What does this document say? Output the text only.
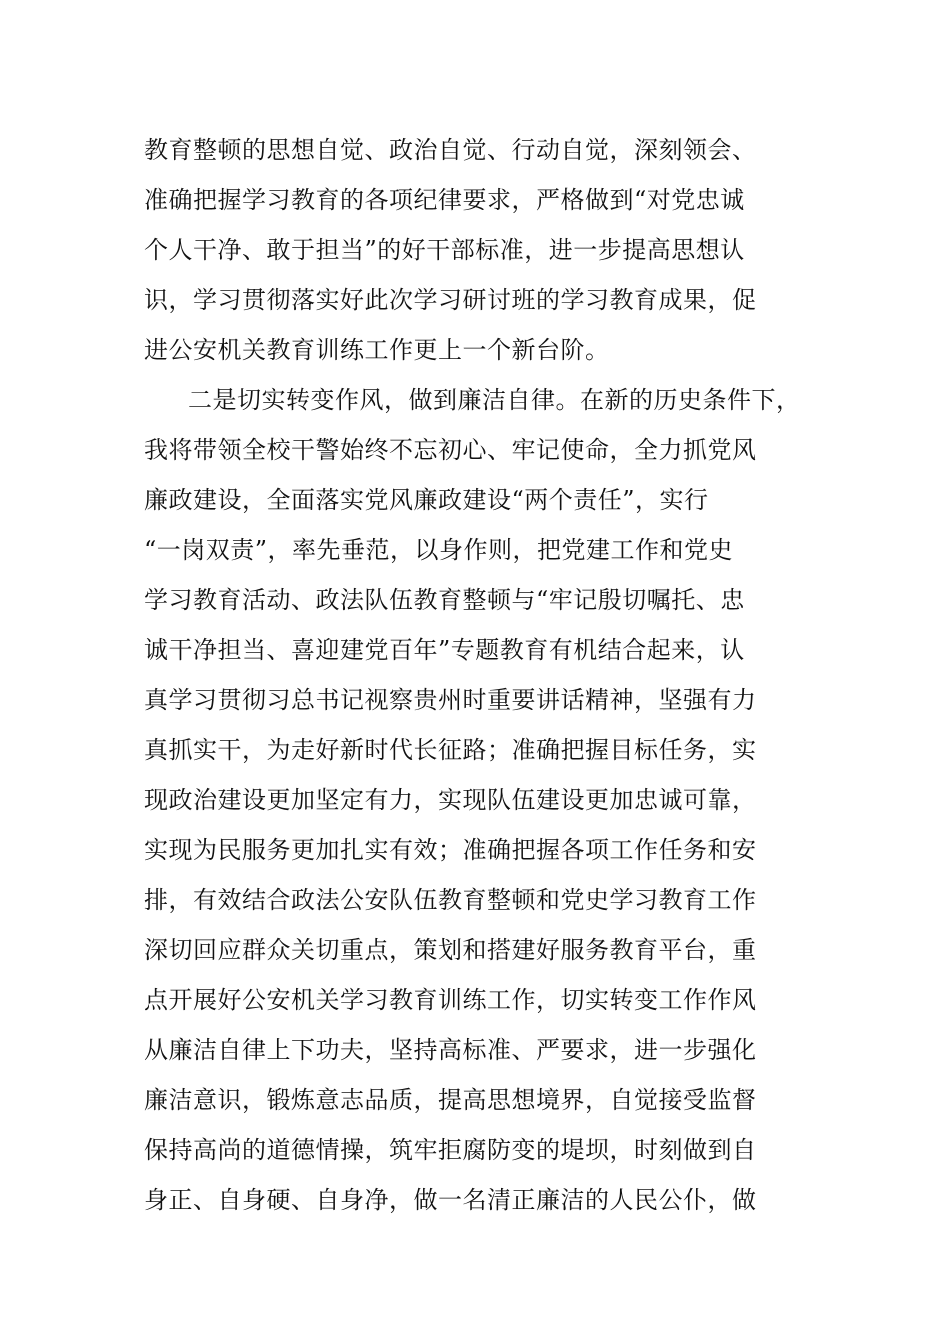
教育整顿的思想自觉、政治自觉、行动自觉，深刻领会、
准确把握学习教育的各项纪律要求，严格做到“对党忠诚
个人干净、敢于担当”的好干部标准，进一步提高思想认
识，学习贯彻落实好此次学习研讨班的学习教育成果，促
进公安机关教育训练工作更上一个新台阶。
二是切实转变作风，做到廉洁自律。在新的历史条件下，
我将带领全校干警始终不忘初心、牢记使命，全力抓党风
廉政建设，全面落实党风廉政建设“两个责任”，实行
“一岗双责”，率先垂范，以身作则，把党建工作和党史
学习教育活动、政法队伍教育整顿与“牢记殷切嘱托、忠
诚干净担当、喜迎建党百年”专题教育有机结合起来，认
真学习贯彻习总书记视察贵州时重要讲话精神，坚强有力
真抓实干，为走好新时代长征路；准确把握目标任务，实
现政治建设更加坚定有力，实现队伍建设更加忠诚可靠，
实现为民服务更加扎实有效；准确把握各项工作任务和安
排，有效结合政法公安队伍教育整顿和党史学习教育工作
深切回应群众关切重点，策划和搭建好服务教育平台，重
点开展好公安机关学习教育训练工作，切实转变工作作风
从廉洁自律上下功夫，坚持高标准、严要求，进一步强化
廉洁意识，锻炼意志品质，提高思想境界，自觉接受监督
保持高尚的道德情操，筑牢拒腐防变的堤坝，时刻做到自
身正、自身硬、自身净，做一名清正廉洁的人民公仆，做
